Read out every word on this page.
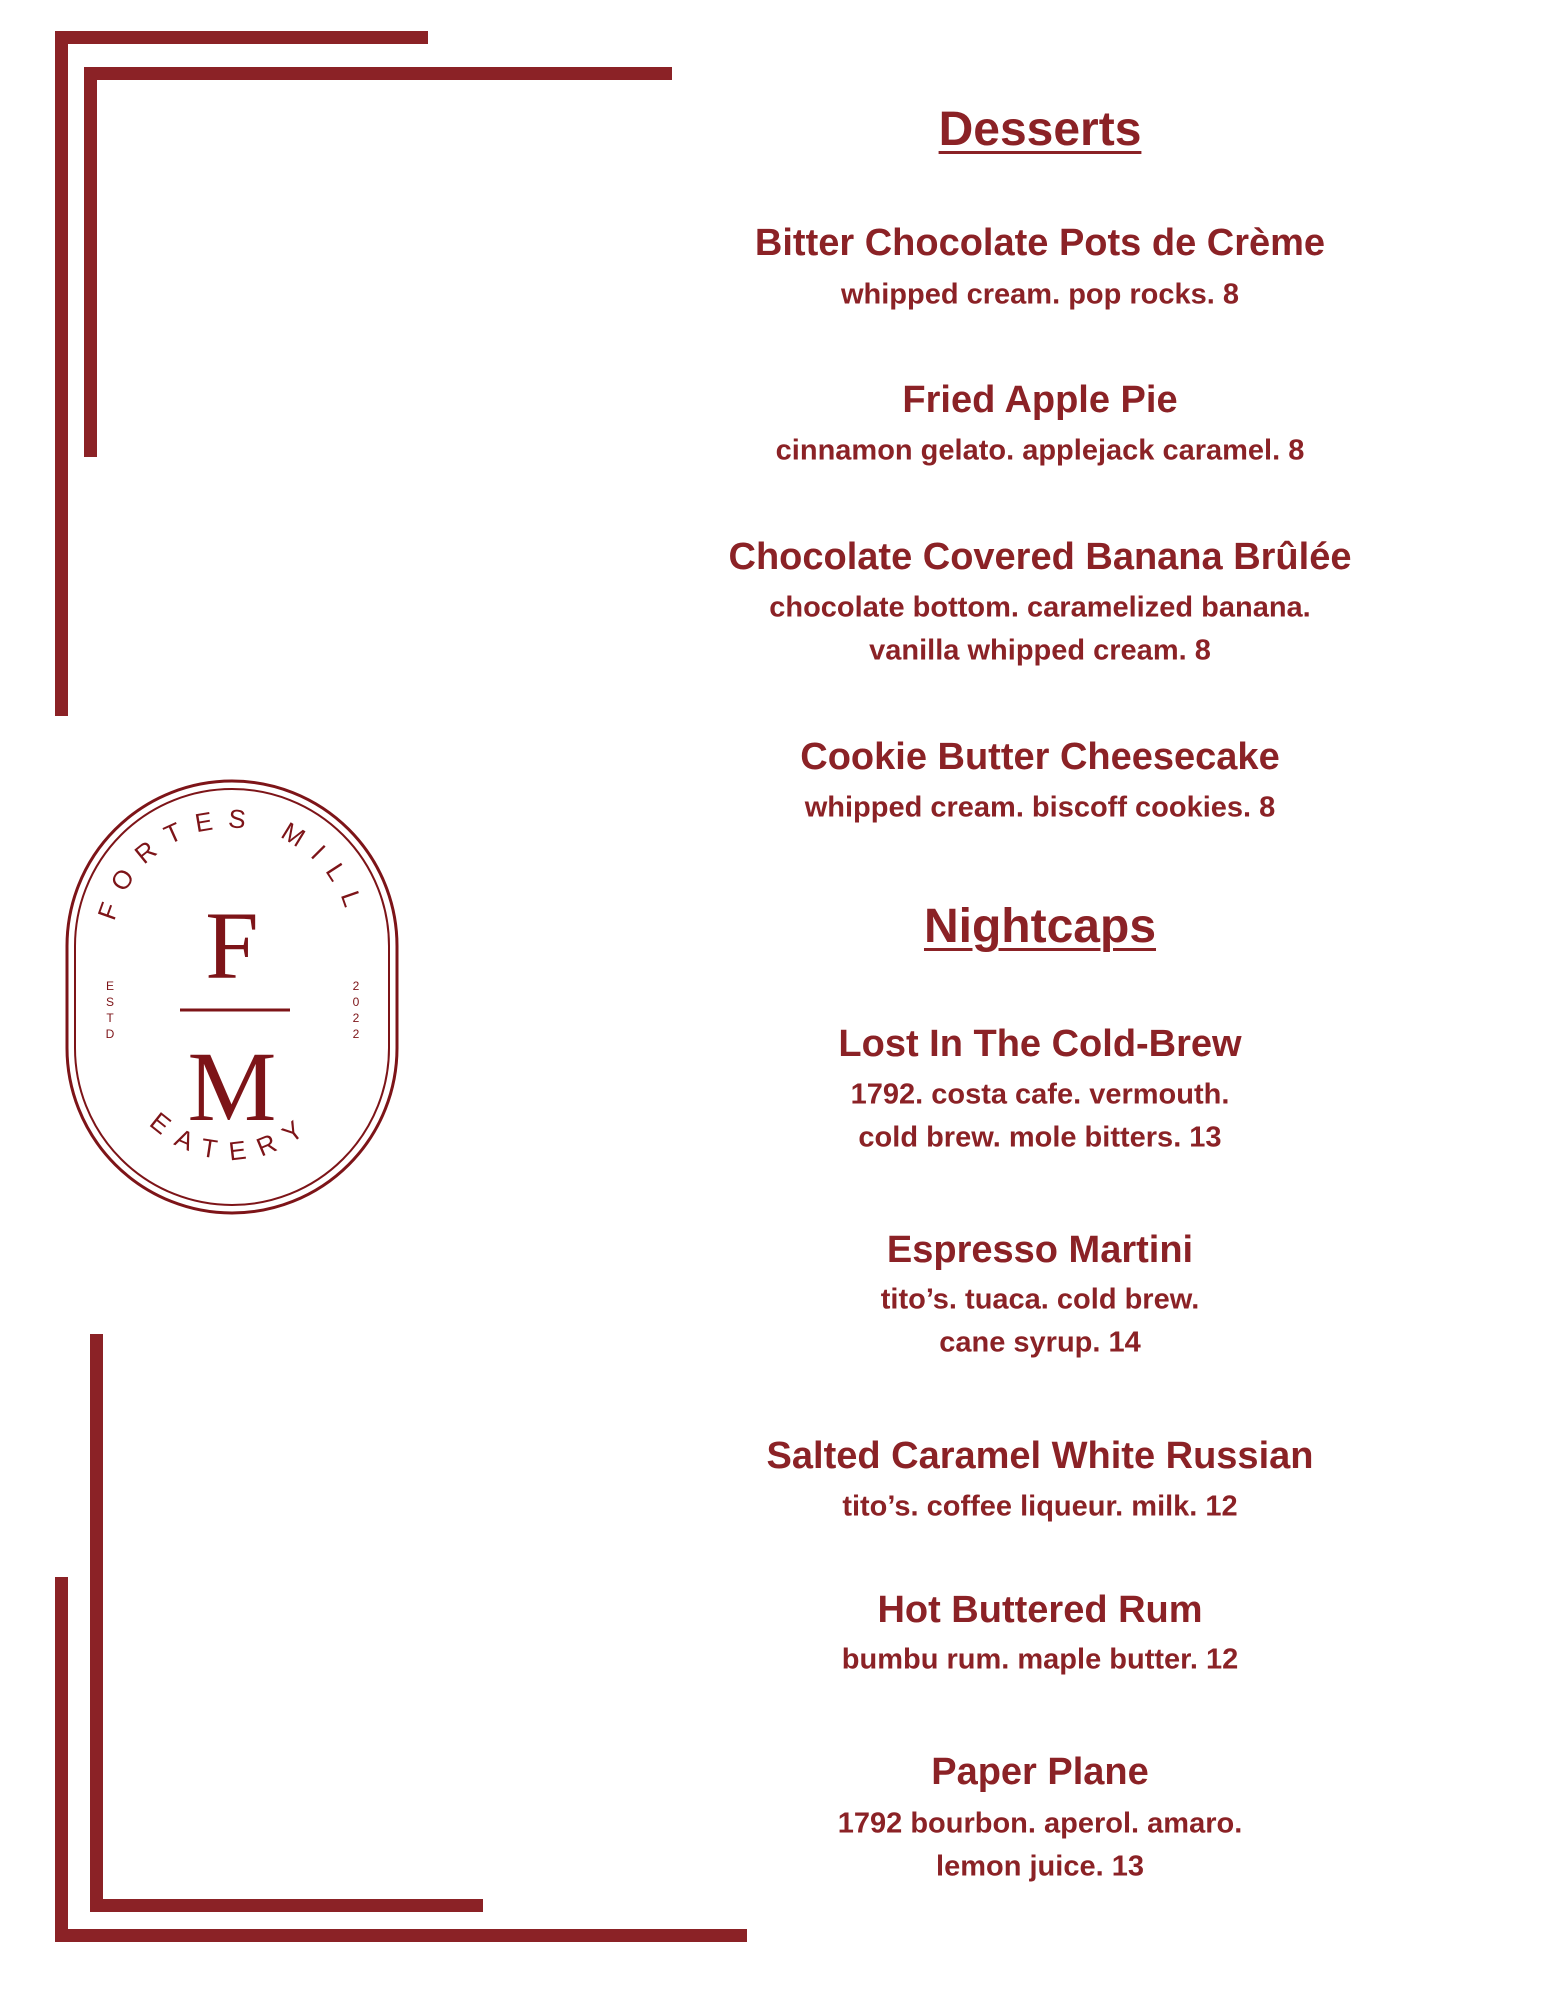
FORTES MILL
EATERY
F
M
E
S
T
D
2
0
2
2
Desserts
Bitter Chocolate Pots de Crème
whipped cream. pop rocks. 8
Fried Apple Pie
cinnamon gelato. applejack caramel. 8
Chocolate Covered Banana Brûlée
chocolate bottom. caramelized banana.
vanilla whipped cream. 8
Cookie Butter Cheesecake
whipped cream. biscoff cookies. 8
Nightcaps
Lost In The Cold-Brew
1792. costa cafe. vermouth.
cold brew. mole bitters. 13
Espresso Martini
tito’s. tuaca. cold brew.
cane syrup. 14
Salted Caramel White Russian
tito’s. coffee liqueur. milk. 12
Hot Buttered Rum
bumbu rum. maple butter. 12
Paper Plane
1792 bourbon. aperol. amaro.
lemon juice. 13
